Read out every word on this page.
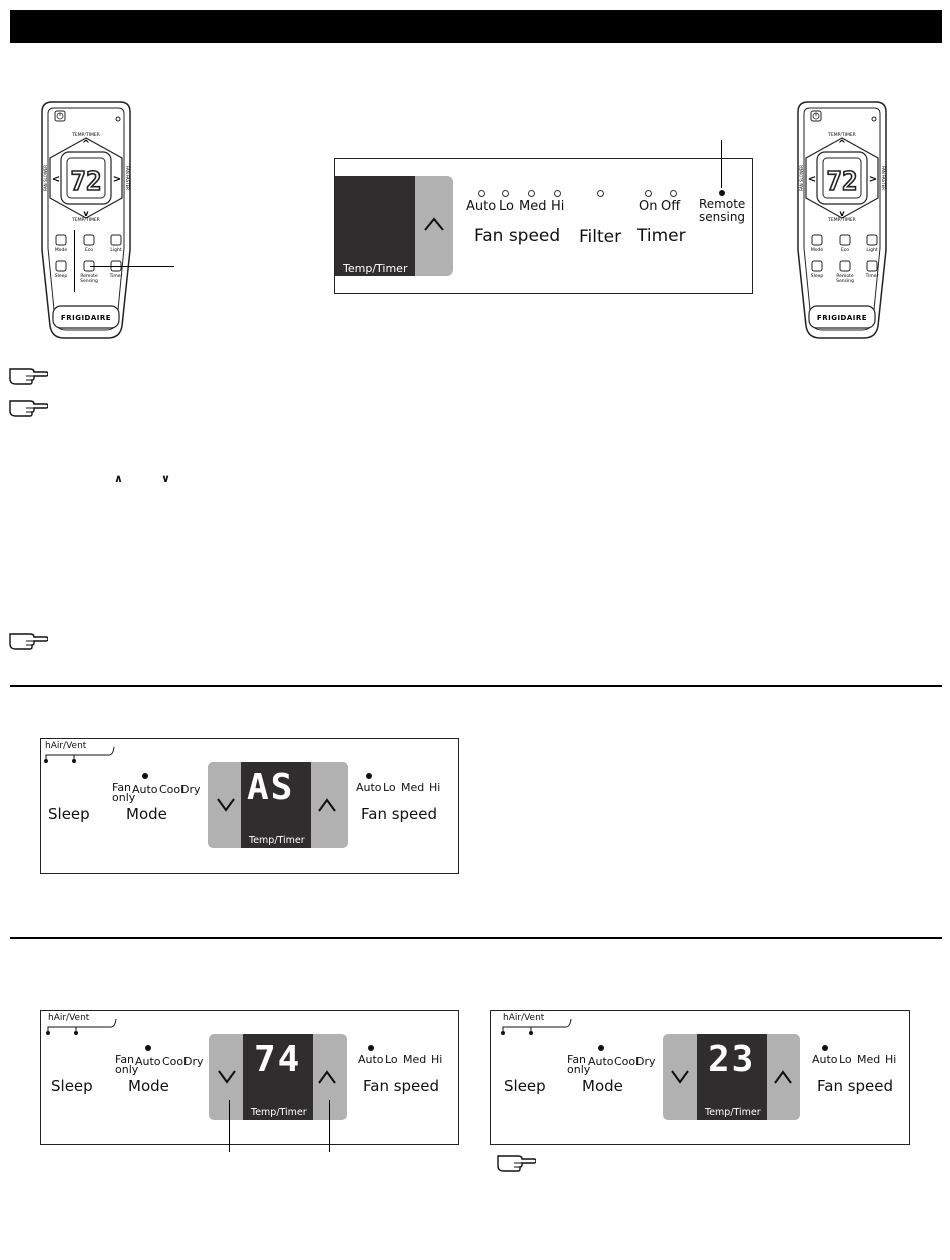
TEMP/TIMER
^
v
<	>
72
TEMP/TIMER
FAN SLOWER	FAN FASTER
Mode	Eco	Light
Sleep	Remote
Sensing
Timer
FRIGIDAIRE
TEMP/TIMER
^
v
<	>
72
TEMP/TIMER
FAN SLOWER	FAN FASTER
Mode	Eco	Light
Sleep	Remote
Sensing
Timer
FRIGIDAIRE
Temp/Timer
Auto Lo Med Hi
Fan speed Filter
On Off
Timer
Remote sensing
∧	∨
hAir/Vent
Fan only
Auto Cool
Dry
Sleep Mode
AS
Temp/Timer
Auto Lo Med Hi
Fan speed
hAir/Vent
Fan only
Auto Cool
Dry
Sleep Mode
74
Temp/Timer
Auto Lo Med Hi
Fan speed
hAir/Vent
Fan only
Auto Cool
Dry
Sleep Mode
23
Temp/Timer
Auto Lo Med Hi
Fan speed
